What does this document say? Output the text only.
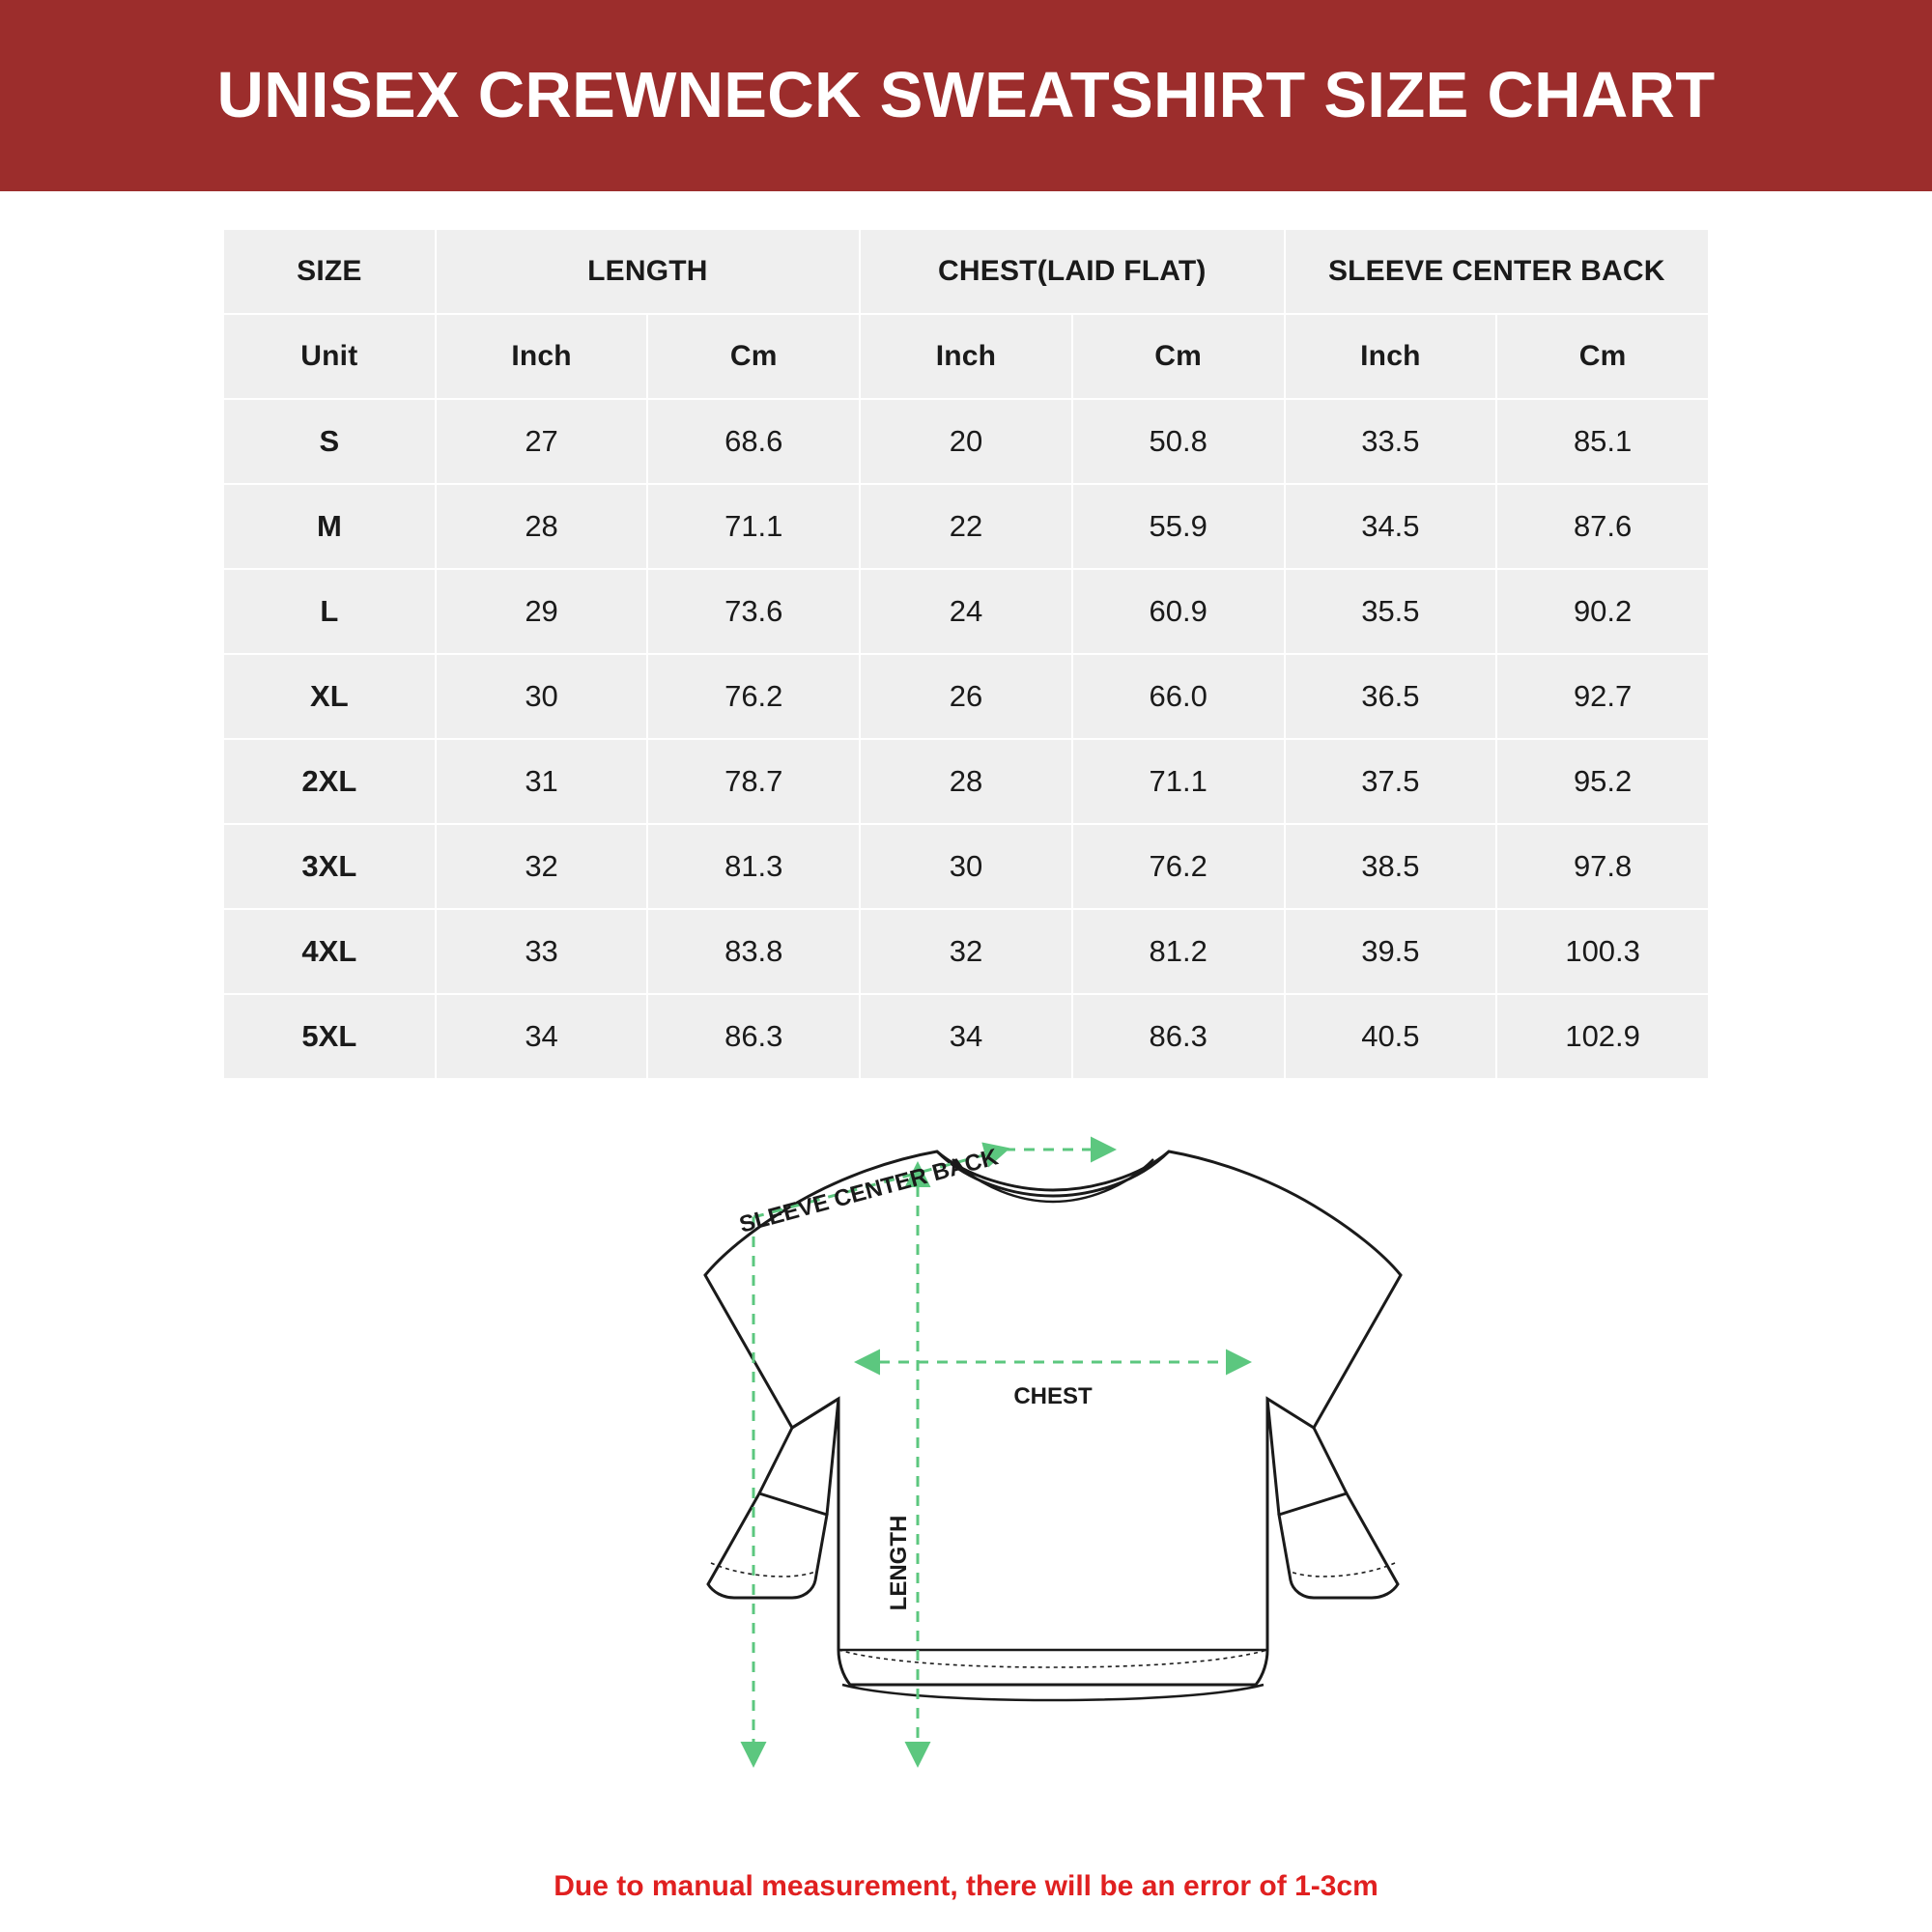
UNISEX CREWNECK SWEATSHIRT SIZE CHART
SIZE	LENGTH		CHEST(LAID FLAT)		SLEEVE CENTER BACK	
Unit	Inch	Cm	Inch	Cm	Inch	Cm
S	27	68.6	20	50.8	33.5	85.1
M	28	71.1	22	55.9	34.5	87.6
L	29	73.6	24	60.9	35.5	90.2
XL	30	76.2	26	66.0	36.5	92.7
2XL	31	78.7	28	71.1	37.5	95.2
3XL	32	81.3	30	76.2	38.5	97.8
4XL	33	83.8	32	81.2	39.5	100.3
5XL	34	86.3	34	86.3	40.5	102.9
SLEEVE CENTER BACK
CHEST
LENGTH
Due to manual measurement, there will be an error of 1-3cm
